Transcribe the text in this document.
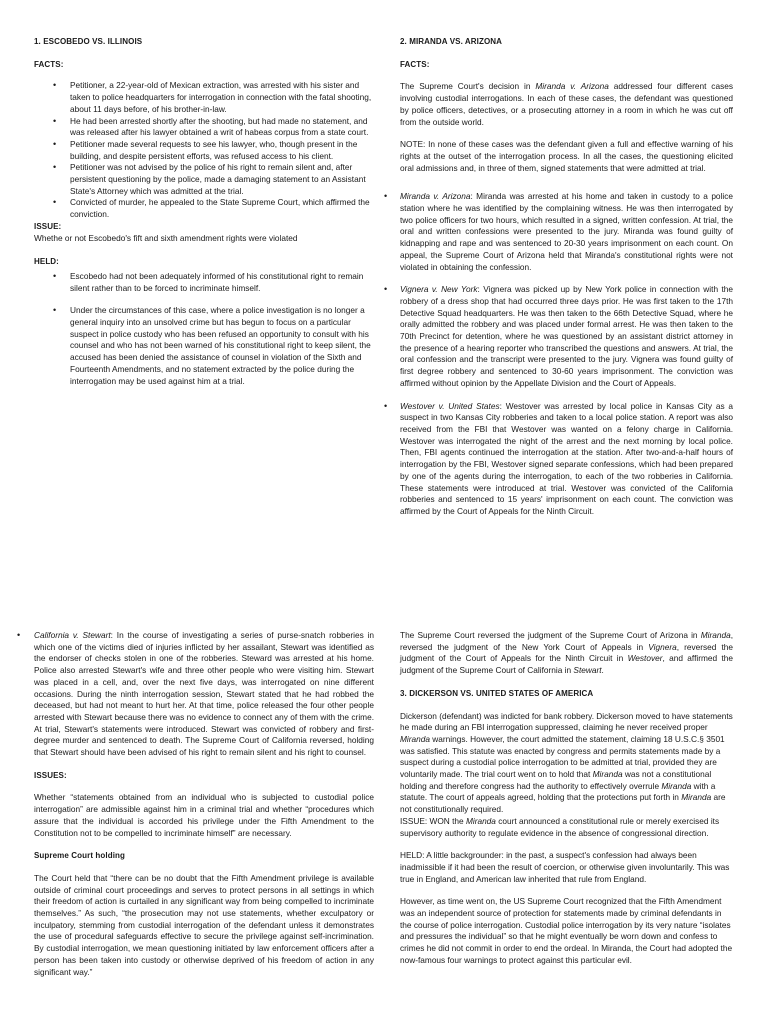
1. ESCOBEDO VS. ILLINOIS

FACTS:

• Petitioner, a 22-year-old of Mexican extraction, was arrested with his sister and taken to police headquarters for interrogation in connection with the fatal shooting, about 11 days before, of his brother-in-law.
• He had been arrested shortly after the shooting, but had made no statement, and was released after his lawyer obtained a writ of habeas corpus from a state court.
• Petitioner made several requests to see his lawyer, who, though present in the building, and despite persistent efforts, was refused access to his client.
• Petitioner was not advised by the police of his right to remain silent and, after persistent questioning by the police, made a damaging statement to an Assistant State's Attorney which was admitted at the trial.
• Convicted of murder, he appealed to the State Supreme Court, which affirmed the conviction.

ISSUE:

Whethe or not Escobedo's fift and sixth amendment rights were violated

HELD:

• Escobedo had not been adequately informed of his constitutional right to remain silent rather than to be forced to incriminate himself.
• Under the circumstances of this case, where a police investigation is no longer a general inquiry into an unsolved crime but has begun to focus on a particular suspect in police custody who has been refused an opportunity to consult with his counsel and who has not been warned of his constitutional right to keep silent, the accused has been denied the assistance of counsel in violation of the Sixth and Fourteenth Amendments, and no statement extracted by the police during the interrogation may be used against him at a trial.

2. MIRANDA VS. ARIZONA

FACTS:

The Supreme Court's decision in Miranda v. Arizona addressed four different cases involving custodial interrogations. In each of these cases, the defendant was questioned by police officers, detectives, or a prosecuting attorney in a room in which he was cut off from the outside world.

NOTE: In none of these cases was the defendant given a full and effective warning of his rights at the outset of the interrogation process. In all the cases, the questioning elicited oral admissions and, in three of them, signed statements that were admitted at trial.

• Miranda v. Arizona: Miranda was arrested at his home and taken in custody to a police station where he was identified by the complaining witness. He was then interrogated by two police officers for two hours, which resulted in a signed, written confession. At trial, the oral and written confessions were presented to the jury. Miranda was found guilty of kidnapping and rape and was sentenced to 20-30 years imprisonment on each count. On appeal, the Supreme Court of Arizona held that Miranda's constitutional rights were not violated in obtaining the confession.
• Vignera v. New York: Vignera was picked up by New York police in connection with the robbery of a dress shop that had occurred three days prior. He was first taken to the 17th Detective Squad headquarters. He was then taken to the 66th Detective Squad, where he orally admitted the robbery and was placed under formal arrest. He was then taken to the 70th Precinct for detention, where he was questioned by an assistant district attorney in the presence of a hearing reporter who transcribed the questions and answers. At trial, the oral confession and the transcript were presented to the jury. Vignera was found guilty of first degree robbery and sentenced to 30-60 years imprisonment. The conviction was affirmed without opinion by the Appellate Division and the Court of Appeals.
• Westover v. United States: Westover was arrested by local police in Kansas City as a suspect in two Kansas City robberies and taken to a local police station. A report was also received from the FBI that Westover was wanted on a felony charge in California. Westover was interrogated the night of the arrest and the next morning by local police. Then, FBI agents continued the interrogation at the station. After two-and-a-half hours of interrogation by the FBI, Westover signed separate confessions, which had been prepared by one of the agents during the interrogation, to each of the two robberies in California. These statements were introduced at trial. Westover was convicted of the California robberies and sentenced to 15 years' imprisonment on each count. The conviction was affirmed by the Court of Appeals for the Ninth Circuit.

• California v. Stewart: In the course of investigating a series of purse-snatch robberies in which one of the victims died of injuries inflicted by her assailant, Stewart was identified as the endorser of checks stolen in one of the robberies. Steward was arrested at his home. Police also arrested Stewart's wife and three other people who were visiting him. Stewart was placed in a cell, and, over the next five days, was interrogated on nine different occasions. During the ninth interrogation session, Stewart stated that he had robbed the deceased, but had not meant to hurt her. At that time, police released the four other people arrested with Stewart because there was no evidence to connect any of them with the crime. At trial, Stewart's statements were introduced. Stewart was convicted of robbery and first-degree murder and sentenced to death. The Supreme Court of California reversed, holding that Stewart should have been advised of his right to remain silent and his right to counsel.

ISSUES:

Whether “statements obtained from an individual who is subjected to custodial police interrogation” are admissible against him in a criminal trial and whether “procedures which assure that the individual is accorded his privilege under the Fifth Amendment to the Constitution not to be compelled to incriminate himself” are necessary.

Supreme Court holding

The Court held that “there can be no doubt that the Fifth Amendment privilege is available outside of criminal court proceedings and serves to protect persons in all settings in which their freedom of action is curtailed in any significant way from being compelled to incriminate themselves.” As such, “the prosecution may not use statements, whether exculpatory or inculpatory, stemming from custodial interrogation of the defendant unless it demonstrates the use of procedural safeguards effective to secure the privilege against self-incrimination. By custodial interrogation, we mean questioning initiated by law enforcement officers after a person has been taken into custody or otherwise deprived of his freedom of action in any significant way.”

The Supreme Court reversed the judgment of the Supreme Court of Arizona in Miranda, reversed the judgment of the New York Court of Appeals in Vignera, reversed the judgment of the Court of Appeals for the Ninth Circuit in Westover, and affirmed the judgment of the Supreme Court of California in Stewart.

3. DICKERSON VS. UNITED STATES OF AMERICA

Dickerson (defendant) was indicted for bank robbery. Dickerson moved to have statements he made during an FBI interrogation suppressed, claiming he never received proper Miranda warnings. However, the court admitted the statement, claiming 18 U.S.C.§ 3501 was satisfied. This statute was enacted by congress and permits statements made by a suspect during a custodial police interrogation to be admitted at trial, provided they are voluntarily made. The trial court went on to hold that Miranda was not a constitutional holding and therefore congress had the authority to effectively overrule Miranda with a statute. The court of appeals agreed, holding that the protections put forth in Miranda are not constitutionally required.

ISSUE: WON the Miranda court announced a constitutional rule or merely exercised its supervisory authority to regulate evidence in the absence of congressional direction.

HELD: A little backgrounder: in the past, a suspect's confession had always been inadmissible if it had been the result of coercion, or otherwise given involuntarily. This was true in England, and American law inherited that rule from England.

However, as time went on, the US Supreme Court recognized that the Fifth Amendment was an independent source of protection for statements made by criminal defendants in the course of police interrogation. Custodial police interrogation by its very nature “isolates and pressures the individual” so that he might eventually be worn down and confess to crimes he did not commit in order to end the ordeal. In Miranda, the Court had adopted the now-famous four warnings to protect against this particular evil.
